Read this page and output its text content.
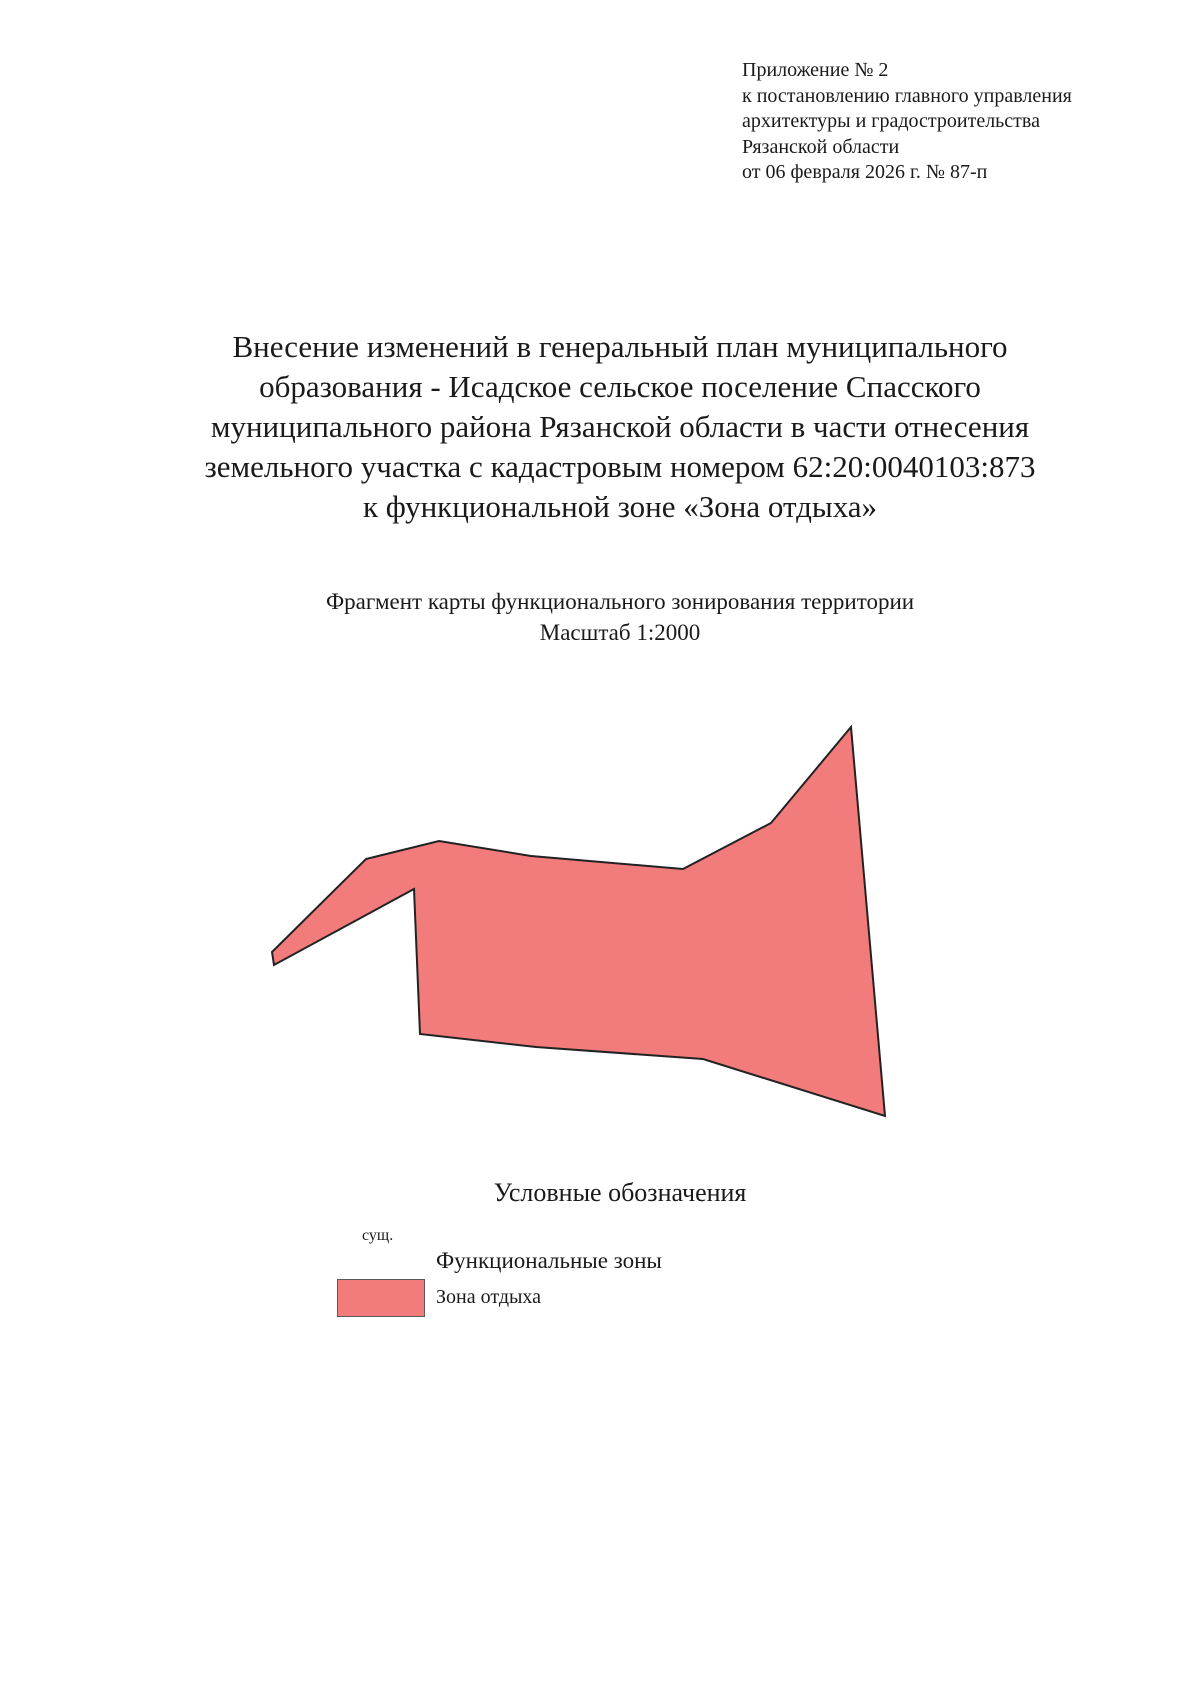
Приложение № 2
к постановлению главного управления
архитектуры и градостроительства
Рязанской области
от 06 февраля 2026 г. № 87-п
Внесение изменений в генеральный план муниципального
образования - Исадское сельское поселение Спасского
муниципального района Рязанской области в части отнесения
земельного участка с кадастровым номером 62:20:0040103:873
к функциональной зоне «Зона отдыха»
Фрагмент карты функционального зонирования территории
Масштаб 1:2000
Условные обозначения
сущ.
Функциональные зоны
Зона отдыха
